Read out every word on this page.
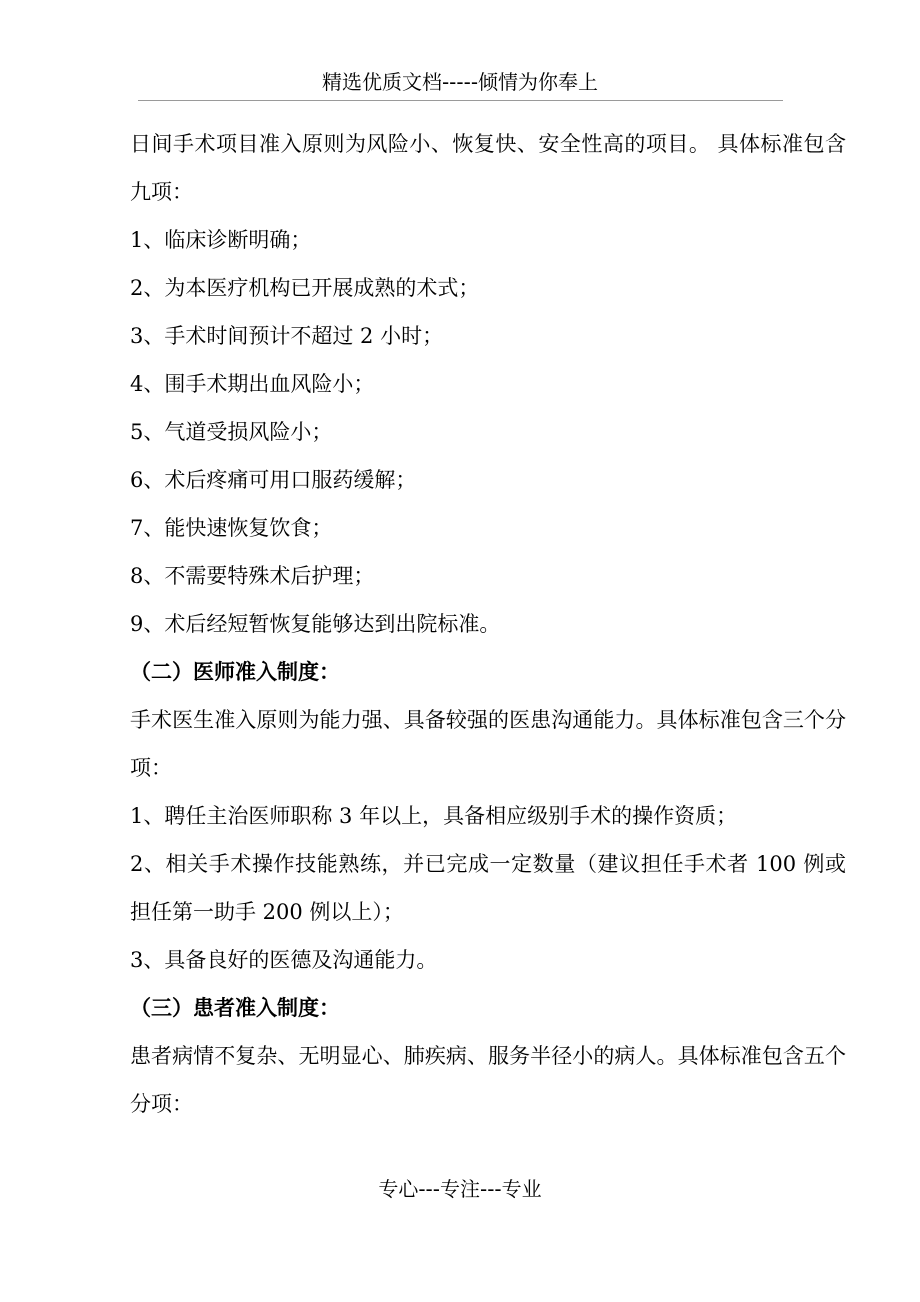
精选优质文档-----倾情为你奉上

日间手术项目准入原则为风险小、恢复快、安全性高的项目。 具体标准包含九项：

1、临床诊断明确；

2、为本医疗机构已开展成熟的术式；

3、手术时间预计不超过 2 小时；

4、围手术期出血风险小；

5、气道受损风险小；

6、术后疼痛可用口服药缓解；

7、能快速恢复饮食；

8、不需要特殊术后护理；

9、术后经短暂恢复能够达到出院标准。

（二）医师准入制度：

手术医生准入原则为能力强、具备较强的医患沟通能力。具体标准包含三个分项：

1、聘任主治医师职称 3 年以上，具备相应级别手术的操作资质；

2、相关手术操作技能熟练，并已完成一定数量（建议担任手术者 100 例或担任第一助手 200 例以上）；

3、具备良好的医德及沟通能力。

（三）患者准入制度：

患者病情不复杂、无明显心、肺疾病、服务半径小的病人。具体标准包含五个分项：

专心---专注---专业
